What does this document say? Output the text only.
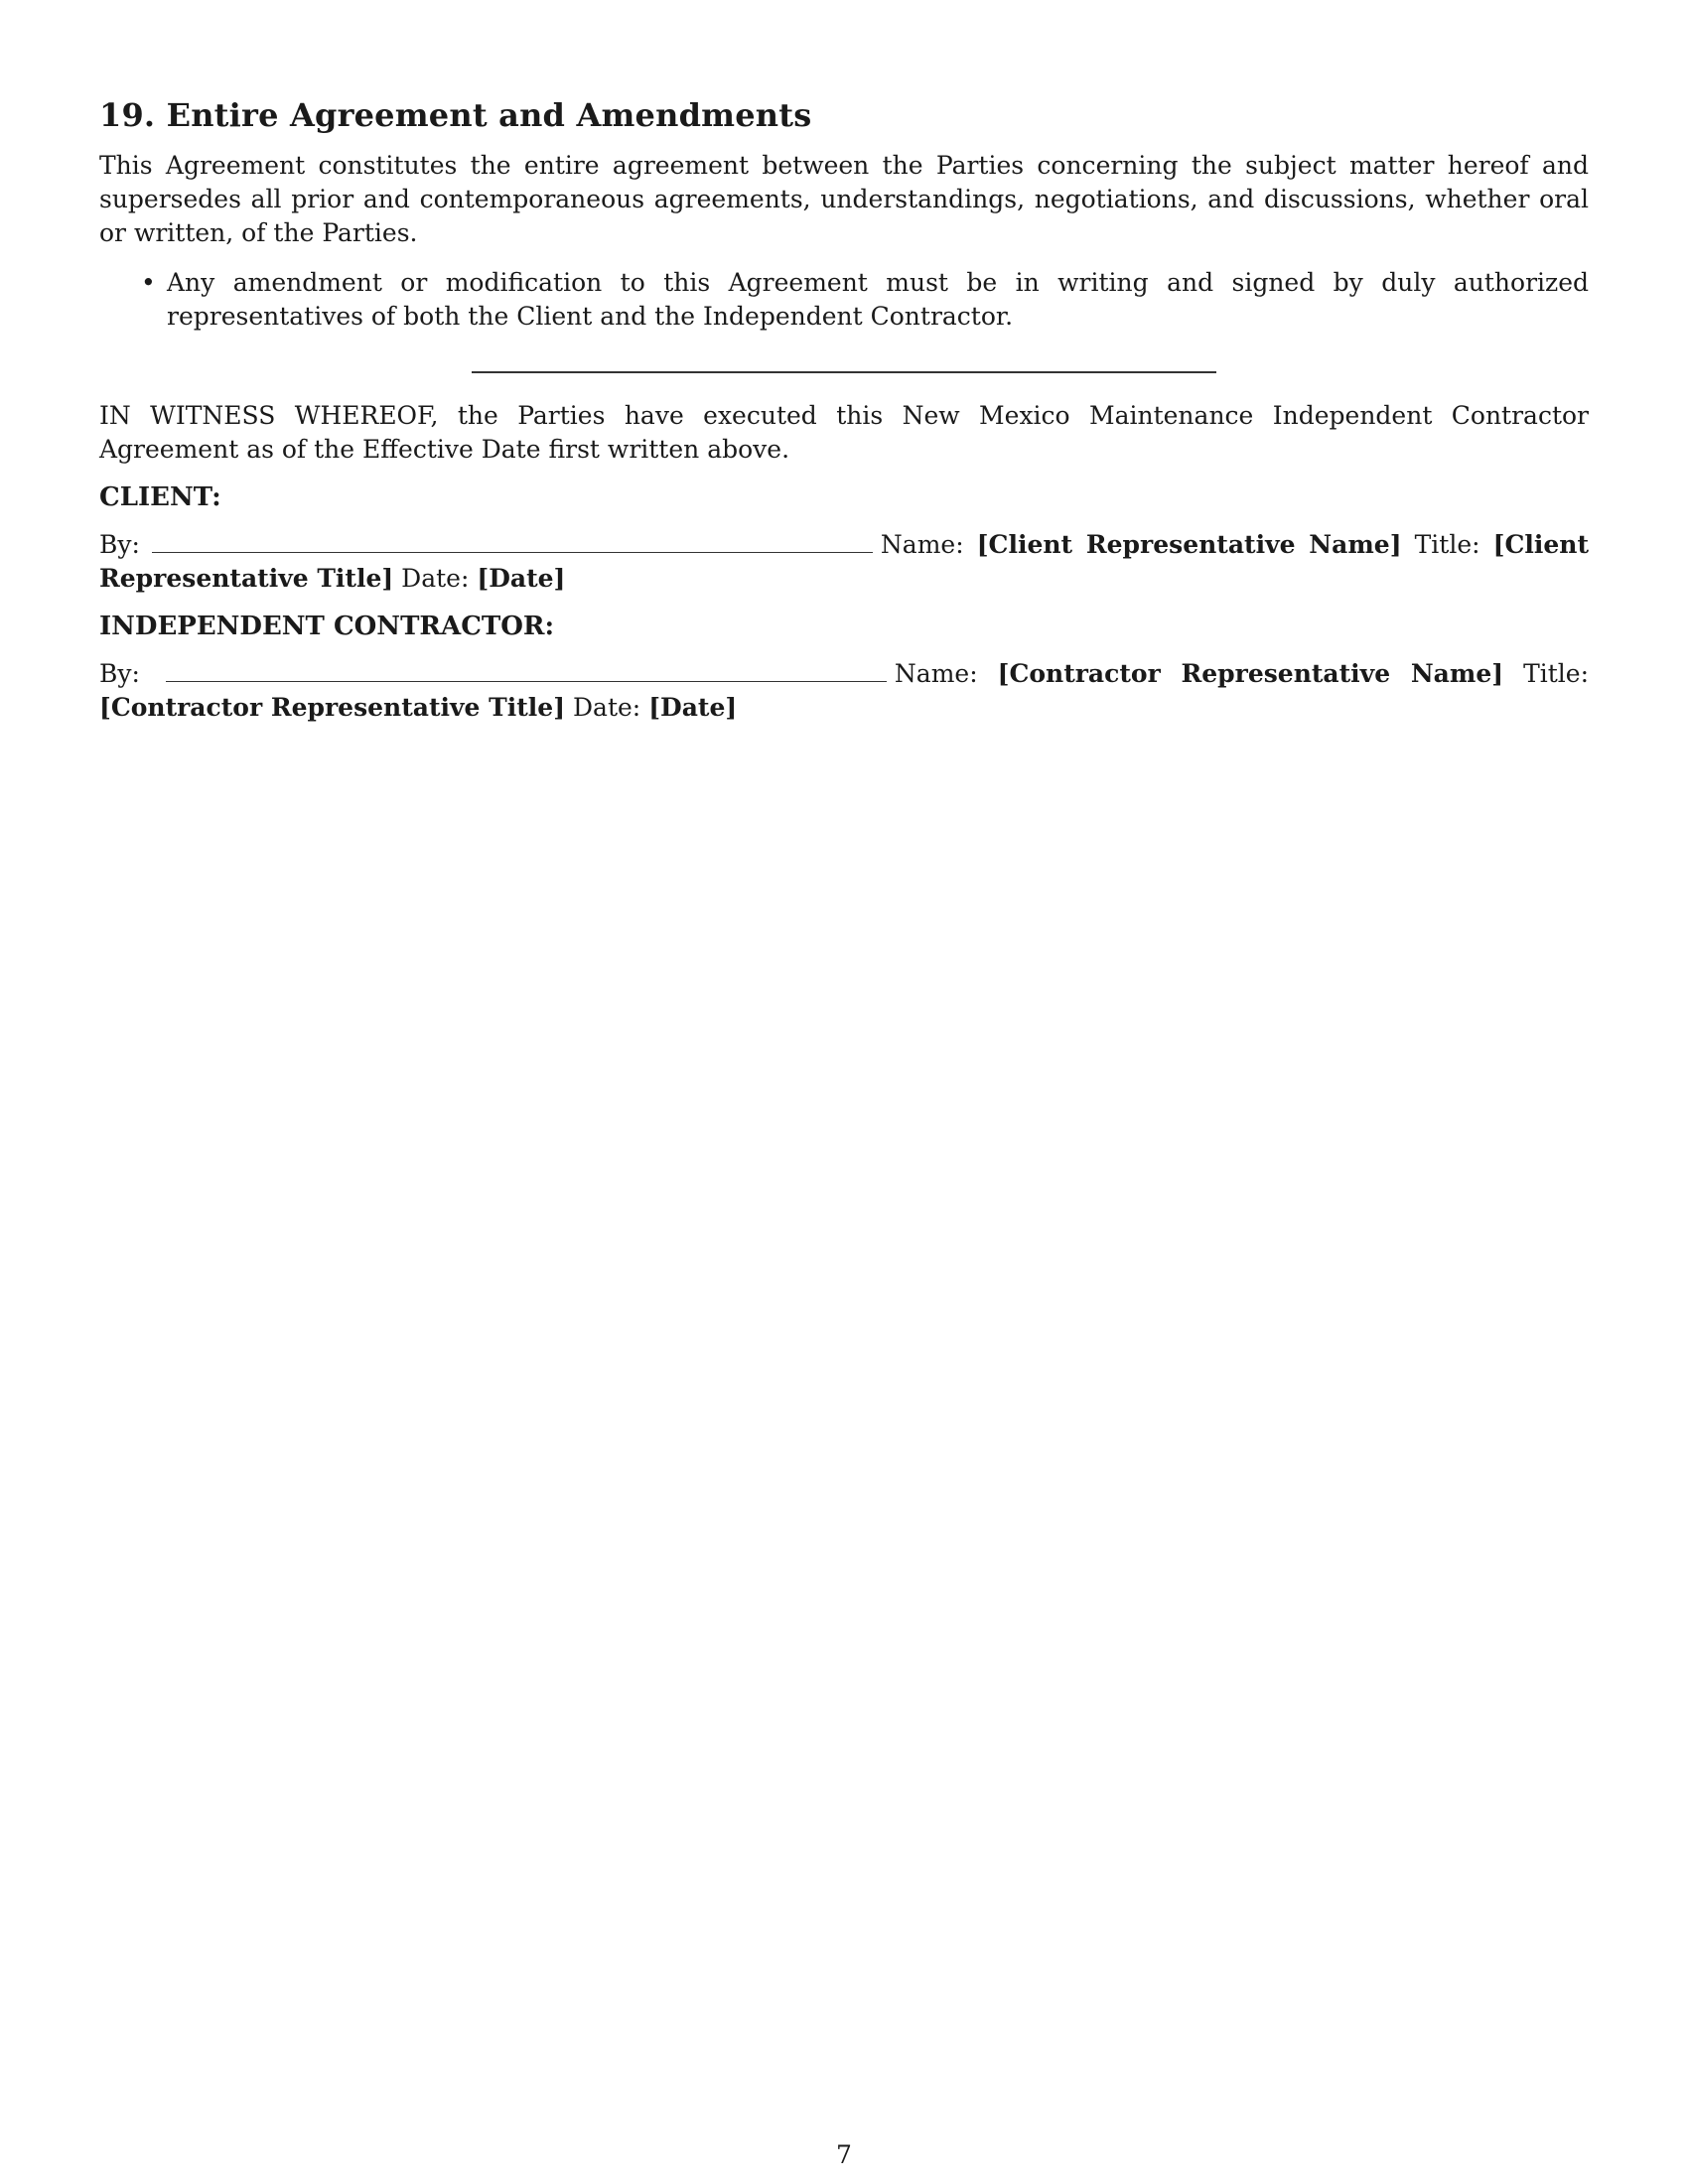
19. Entire Agreement and Amendments

This Agreement constitutes the entire agreement between the Parties concerning the subject matter hereof and supersedes all prior and contemporaneous agreements, understandings, negotiations, and discussions, whether oral or written, of the Parties.

• Any amendment or modification to this Agreement must be in writing and signed by duly authorized representatives of both the Client and the Independent Contractor.

IN WITNESS WHEREOF, the Parties have executed this New Mexico Maintenance Independent Contractor Agreement as of the Effective Date first written above.

CLIENT:
By:	Name: [Client Representative Name] Title: [Client Representative Title] Date: [Date]
INDEPENDENT CONTRACTOR:
By:	Name: [Contractor Representative Name] Title: [Contractor Representative Title] Date: [Date]
7
